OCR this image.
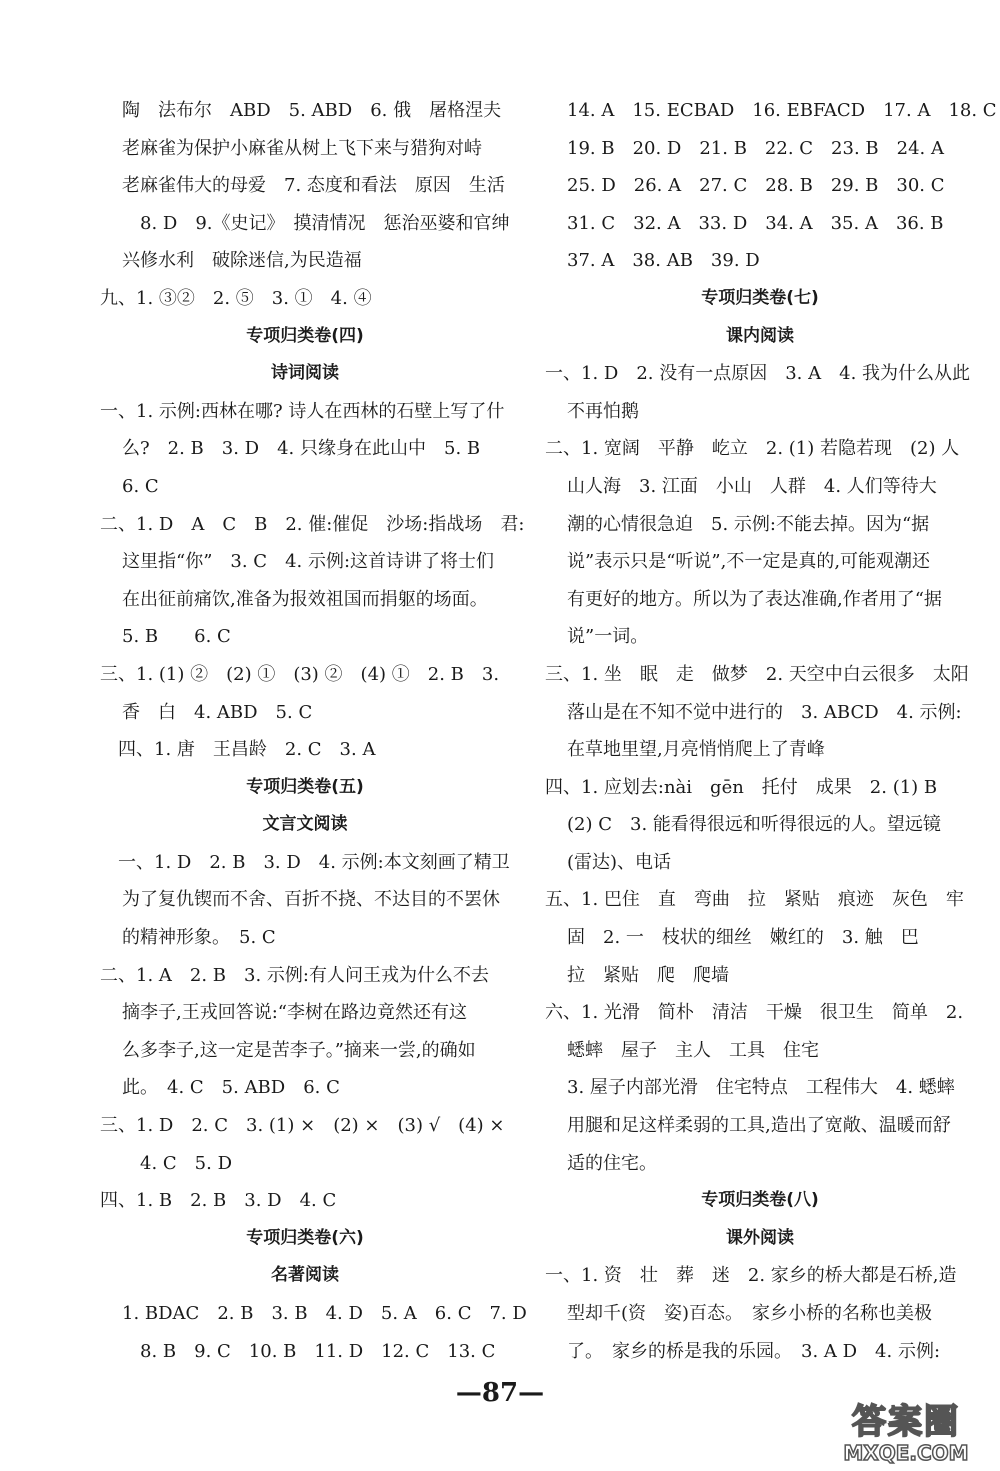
陶　法布尔　ABD　5. ABD　6. 俄　屠格涅夫
老麻雀为保护小麻雀从树上飞下来与猎狗对峙
老麻雀伟大的母爱　7. 态度和看法　原因　生活
　8. D　9.《史记》　摸清情况　惩治巫婆和官绅
兴修水利　破除迷信,为民造福
九、1. ③②　2. ⑤　3. ①　4. ④
专项归类卷(四)
诗词阅读
一、1. 示例:西林在哪? 诗人在西林的石壁上写了什
么?　2. B　3. D　4. 只缘身在此山中　5. B
6. C
二、1. D　A　C　B　2. 催:催促　沙场:指战场　君:
这里指“你”　3. C　4. 示例:这首诗讲了将士们
在出征前痛饮,准备为报效祖国而捐躯的场面。
5. B　　6. C
三、1. (1) ②　(2) ①　(3) ②　(4) ①　2. B　3.
香　白　4. ABD　5. C
　四、1. 唐　王昌龄　2. C　3. A
专项归类卷(五)
文言文阅读
　一、1. D　2. B　3. D　4. 示例:本文刻画了精卫
为了复仇锲而不舍、百折不挠、不达目的不罢休
的精神形象。　5. C
二、1. A　2. B　3. 示例:有人问王戎为什么不去
摘李子,王戎回答说:“李树在路边竟然还有这
么多李子,这一定是苦李子。”摘来一尝,的确如
此。　4. C　5. ABD　6. C
三、1. D　2. C　3. (1) ×　(2) ×　(3) √　(4) ×
　4. C　5. D
四、1. B　2. B　3. D　4. C
专项归类卷(六)
名著阅读
1. BDAC　2. B　3. B　4. D　5. A　6. C　7. D
　8. B　9. C　10. B　11. D　12. C　13. C
14. A　15. ECBAD　16. EBFACD　17. A　18. C
19. B　20. D　21. B　22. C　23. B　24. A
25. D　26. A　27. C　28. B　29. B　30. C
31. C　32. A　33. D　34. A　35. A　36. B
37. A　38. AB　39. D
专项归类卷(七)
课内阅读
一、1. D　2. 没有一点原因　3. A　4. 我为什么从此
不再怕鹅
二、1. 宽阔　平静　屹立　2. (1) 若隐若现　(2) 人
山人海　3. 江面　小山　人群　4. 人们等待大
潮的心情很急迫　5. 示例:不能去掉。因为“据
说”表示只是“听说”,不一定是真的,可能观潮还
有更好的地方。所以为了表达准确,作者用了“据
说”一词。
三、1. 坐　眠　走　做梦　2. 天空中白云很多　太阳
落山是在不知不觉中进行的　3. ABCD　4. 示例:
在草地里望,月亮悄悄爬上了青峰
四、1. 应划去:nài　gēn　托付　成果　2. (1) B
(2) C　3. 能看得很远和听得很远的人。望远镜
(雷达)、电话
五、1. 巴住　直　弯曲　拉　紧贴　痕迹　灰色　牢
固　2. 一　枝状的细丝　嫩红的　3. 触　巴
拉　紧贴　爬　爬墙
六、1. 光滑　简朴　清洁　干燥　很卫生　简单　2.
蟋蟀　屋子　主人　工具　住宅
3. 屋子内部光滑　住宅特点　工程伟大　4. 蟋蟀
用腿和足这样柔弱的工具,造出了宽敞、温暖而舒
适的住宅。
专项归类卷(八)
课外阅读
一、1. 资　壮　葬　迷　2. 家乡的桥大都是石桥,造
型却千(资　姿)百态。　家乡小桥的名称也美极
了。　家乡的桥是我的乐园。　3. A D　4. 示例:
—87—
答案圈
MXQE.COM
